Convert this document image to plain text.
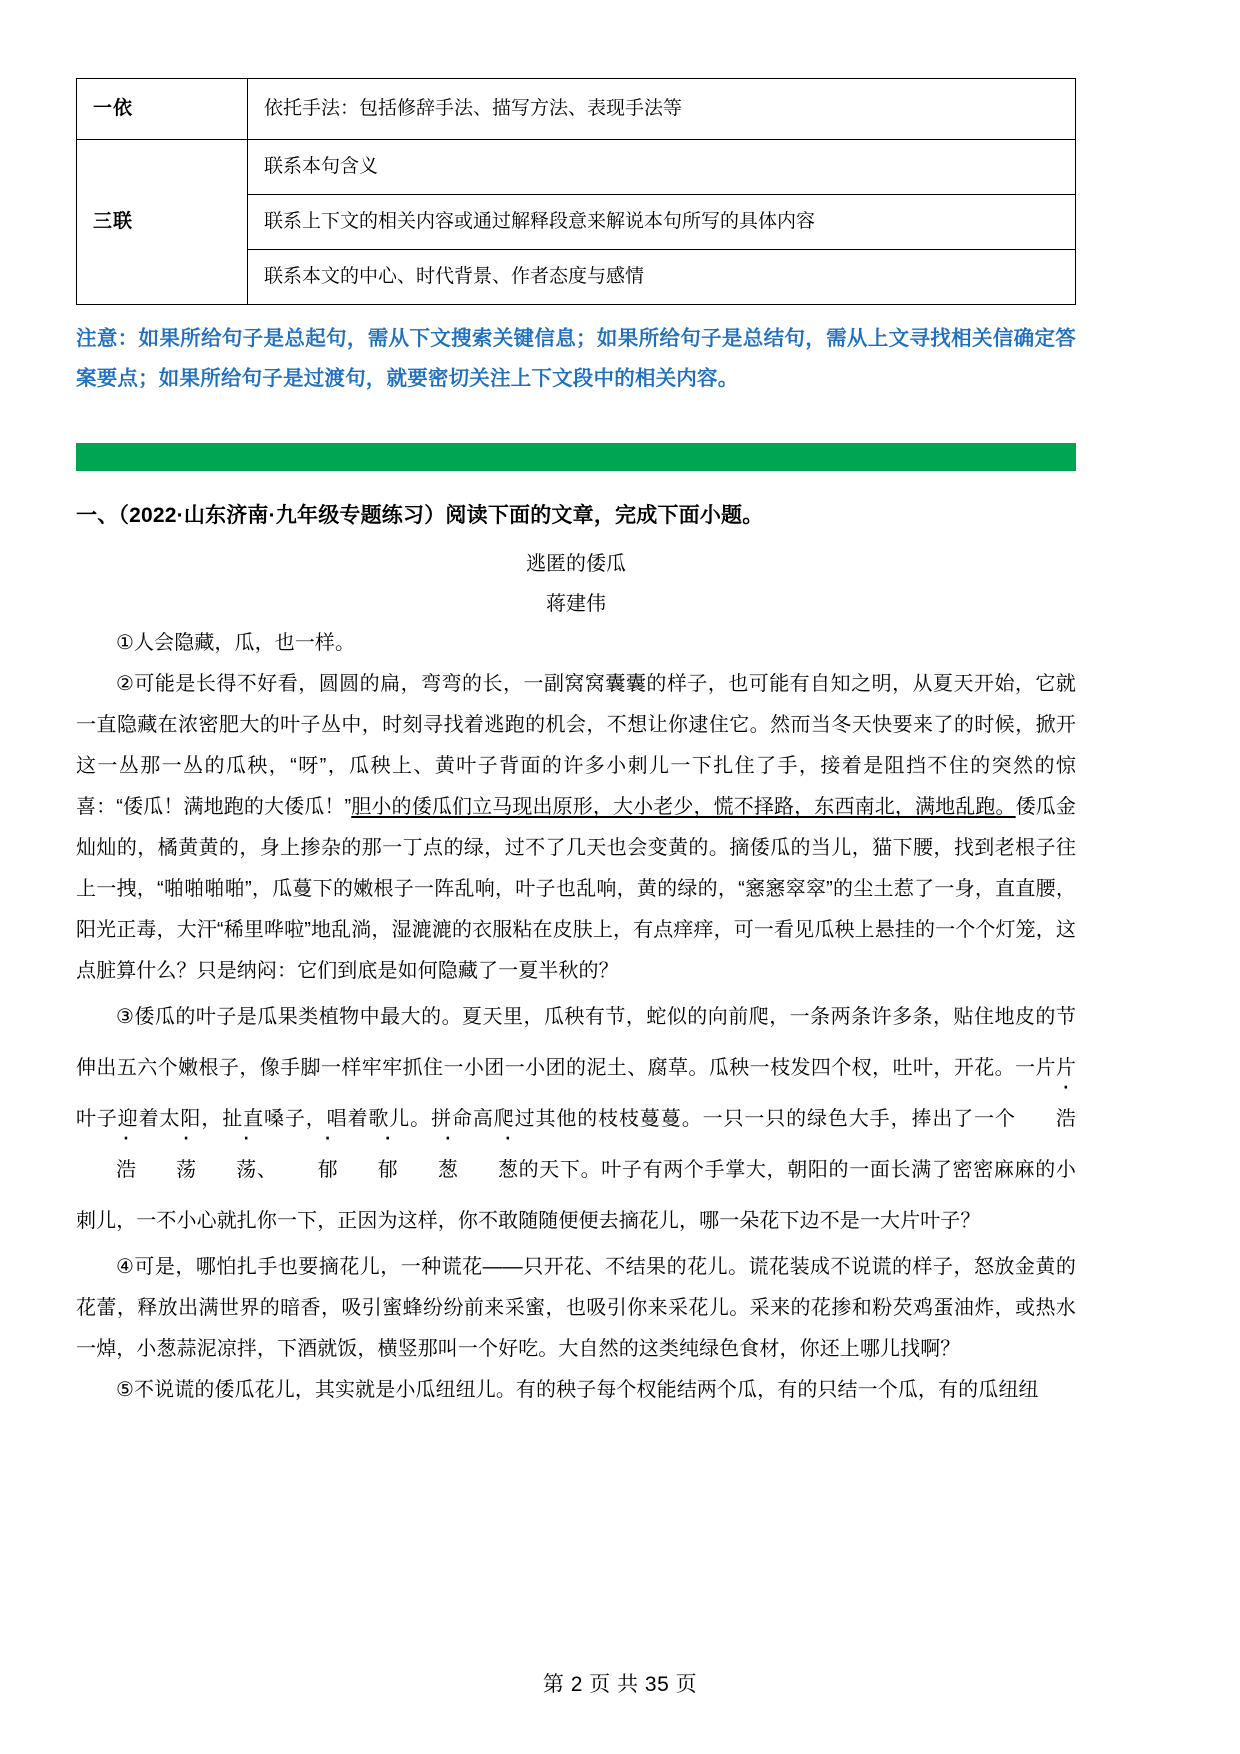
一依	依托手法：包括修辞手法、描写方法、表现手法等
三联	联系本句含义
	联系上下文的相关内容或通过解释段意来解说本句所写的具体内容
	联系本文的中心、时代背景、作者态度与感情

注意：如果所给句子是总起句，需从下文搜索关键信息；如果所给句子是总结句，需从上文寻找相关信确定答案要点；如果所给句子是过渡句，就要密切关注上下文段中的相关内容。

一、（2022·山东济南·九年级专题练习）阅读下面的文章，完成下面小题。
逃匿的倭瓜
蒋建伟

①人会隐藏，瓜，也一样。

②可能是长得不好看，圆圆的扁，弯弯的长，一副窝窝囊囊的样子，也可能有自知之明，从夏天开始，它就一直隐藏在浓密肥大的叶子丛中，时刻寻找着逃跑的机会，不想让你逮住它。然而当冬天快要来了的时候，掀开这一丛那一丛的瓜秧，“呀”，瓜秧上、黄叶子背面的许多小刺儿一下扎住了手，接着是阻挡不住的突然的惊喜：“倭瓜！满地跑的大倭瓜！”胆小的倭瓜们立马现出原形，大小老少，慌不择路，东西南北，满地乱跑。倭瓜金灿灿的，橘黄黄的，身上掺杂的那一丁点的绿，过不了几天也会变黄的。摘倭瓜的当儿，猫下腰，找到老根子往上一拽，“啪啪啪啪”，瓜蔓下的嫩根子一阵乱响，叶子也乱响，黄的绿的，“窸窸窣窣”的尘土惹了一身，直直腰，阳光正毒，大汗“稀里哗啦”地乱淌，湿漉漉的衣服粘在皮肤上，有点痒痒，可一看见瓜秧上悬挂的一个个灯笼，这点脏算什么？只是纳闷：它们到底是如何隐藏了一夏半秋的？

③倭瓜的叶子是瓜果类植物中最大的。夏天里，瓜秧有节，蛇似的向前爬，一条两条许多条，贴住地皮的节伸出五六个嫩根子，像手脚一样牢牢抓住一小团一小团的泥土、腐草。瓜秧一枝发四个杈，吐叶，开花。一片片叶子迎着太阳，扯直嗓子，唱着歌儿。拼命高爬过其他的枝枝蔓蔓。一只一只的绿色大手，捧出了一个 浩浩 荡 荡、 郁 郁 葱 葱的天下。叶子有两个手掌大，朝阳的一面长满了密密麻麻的小刺儿，一不小心就扎你一下，正因为这样，你不敢随随便便去摘花儿，哪一朵花下边不是一大片叶子？

④可是，哪怕扎手也要摘花儿，一种谎花——只开花、不结果的花儿。谎花装成不说谎的样子，怒放金黄的花蕾，释放出满世界的暗香，吸引蜜蜂纷纷前来采蜜，也吸引你来采花儿。采来的花掺和粉芡鸡蛋油炸，或热水一焯，小葱蒜泥凉拌，下酒就饭，横竖那叫一个好吃。大自然的这类纯绿色食材，你还上哪儿找啊？

⑤不说谎的倭瓜花儿，其实就是小瓜纽纽儿。有的秧子每个杈能结两个瓜，有的只结一个瓜，有的瓜纽纽

第 2 页 共 35 页
